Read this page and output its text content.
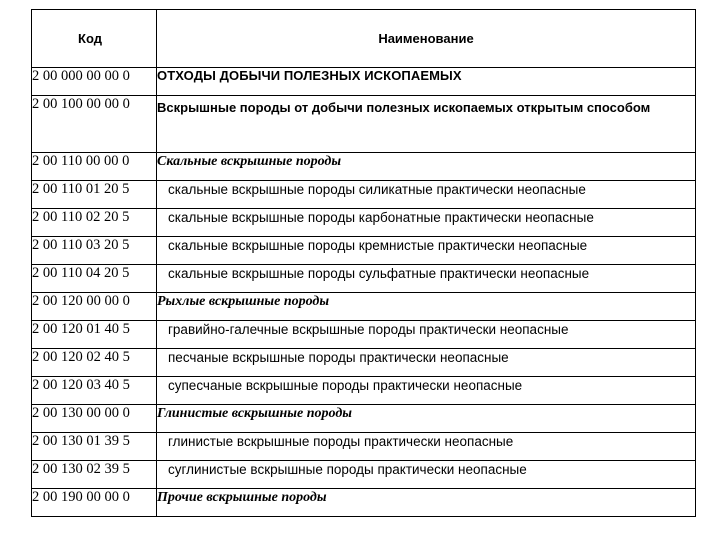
Код	Наименование
2 00 000 00 00 0	ОТХОДЫ ДОБЫЧИ ПОЛЕЗНЫХ ИСКОПАЕМЫХ
2 00 100 00 00 0	Вскрышные породы от добычи полезных ископаемых открытым способом

2 00 110 00 00 0	Скальные вскрышные породы
2 00 110 01 20 5	скальные вскрышные породы силикатные практически неопасные
2 00 110 02 20 5	скальные вскрышные породы карбонатные практически неопасные
2 00 110 03 20 5	скальные вскрышные породы кремнистые практически неопасные
2 00 110 04 20 5	скальные вскрышные породы сульфатные практически неопасные
2 00 120 00 00 0	Рыхлые вскрышные породы
2 00 120 01 40 5	гравийно-галечные вскрышные породы практически неопасные
2 00 120 02 40 5	песчаные вскрышные породы практически неопасные
2 00 120 03 40 5	супесчаные вскрышные породы практически неопасные
2 00 130 00 00 0	Глинистые вскрышные породы
2 00 130 01 39 5	глинистые вскрышные породы практически неопасные
2 00 130 02 39 5	суглинистые вскрышные породы практически неопасные
2 00 190 00 00 0	Прочие вскрышные породы
